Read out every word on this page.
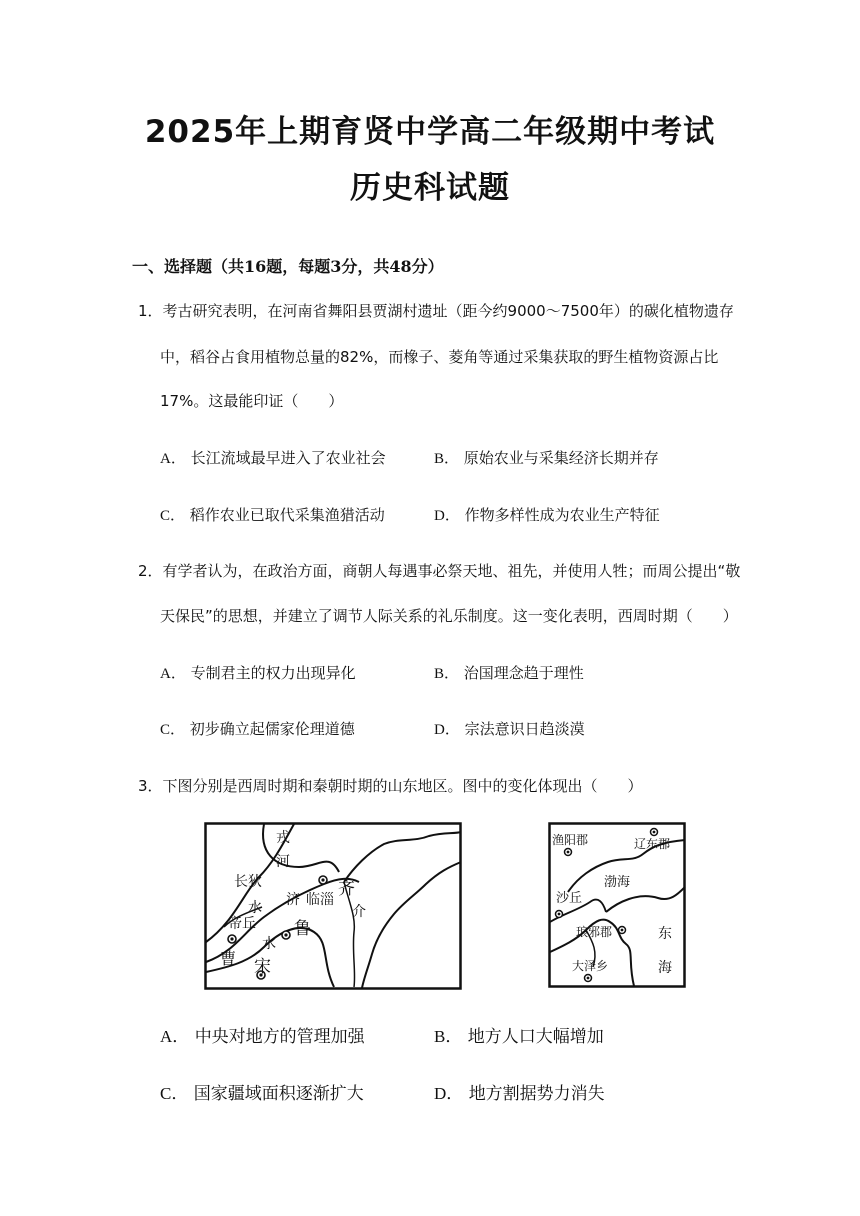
2025年上期育贤中学高二年级期中考试
历史科试题
一、选择题（共16题，每题3分，共48分）
1．考古研究表明，在河南省舞阳县贾湖村遗址（距今约9000～7500年）的碳化植物遗存
中，稻谷占食用植物总量的82%，而橡子、菱角等通过采集获取的野生植物资源占比
17%。这最能印证（　　）
A． 长江流域最早进入了农业社会	B． 原始农业与采集经济长期并存
C． 稻作农业已取代采集渔猎活动	D． 作物多样性成为农业生产特征
2．有学者认为，在政治方面，商朝人每遇事必祭天地、祖先，并使用人牲；而周公提出“敬
天保民”的思想，并建立了调节人际关系的礼乐制度。这一变化表明，西周时期（　　）
A． 专制君主的权力出现异化	B． 治国理念趋于理性
C． 初步确立起儒家伦理道德	D． 宗法意识日趋淡漠
3．下图分别是西周时期和秦朝时期的山东地区。图中的变化体现出（　　）
戎
河
长狄
水 济 临淄
齐
介
帝丘 鲁
水
曹 宋
渔阳郡	辽东郡
渤海
沙丘
琅邪郡	东
海
大泽乡
A． 中央对地方的管理加强	B． 地方人口大幅增加
C． 国家疆域面积逐渐扩大	D． 地方割据势力消失
